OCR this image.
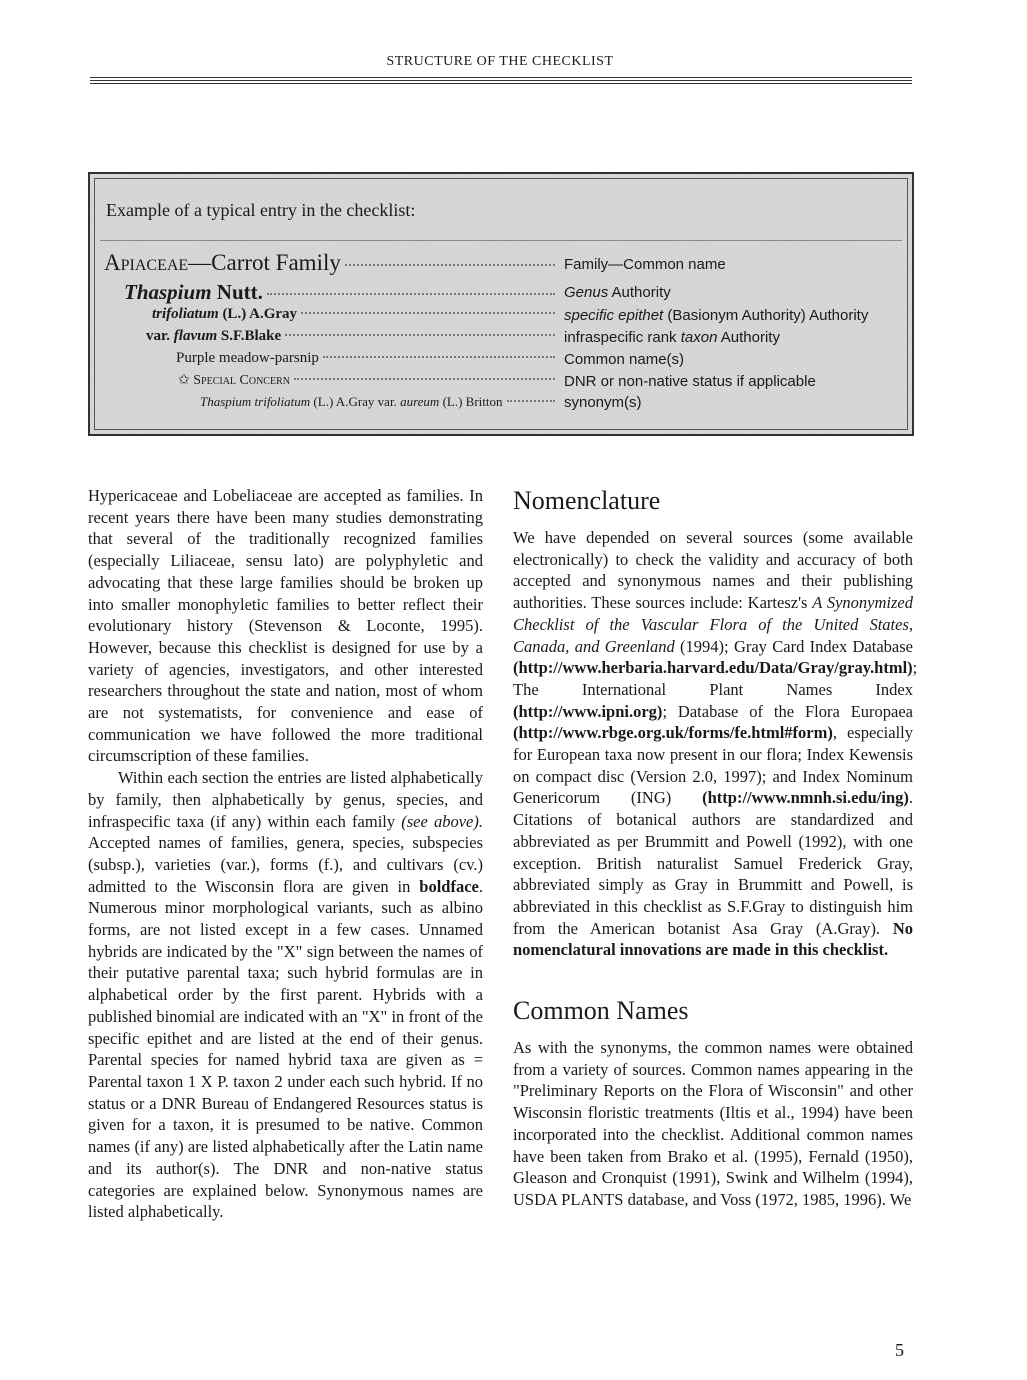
STRUCTURE OF THE CHECKLIST
Example of a typical entry in the checklist:
Apiaceae—Carrot Family	Family—Common name
Thaspium Nutt.	Genus Authority
trifoliatum (L.) A.Gray	specific epithet (Basionym Authority) Authority
var. flavum S.F.Blake	infraspecific rank taxon Authority
Purple meadow-parsnip	Common name(s)
✩ Special Concern	DNR or non-native status if applicable
Thaspium trifoliatum (L.) A.Gray var. aureum (L.) Britton	synonym(s)

Hypericaceae and Lobeliaceae are accepted as families. In recent years there have been many studies demonstrating that several of the traditionally recognized families (especially Liliaceae, sensu lato) are polyphyletic and advocating that these large families should be broken up into smaller monophyletic families to better reflect their evolutionary history (Stevenson & Loconte, 1995). However, because this checklist is designed for use by a variety of agencies, investigators, and other interested researchers throughout the state and nation, most of whom are not systematists, for convenience and ease of communication we have followed the more traditional circumscription of these families.

Within each section the entries are listed alphabetically by family, then alphabetically by genus, species, and infraspecific taxa (if any) within each family (see above). Accepted names of families, genera, species, subspecies (subsp.), varieties (var.), forms (f.), and cultivars (cv.) admitted to the Wisconsin flora are given in boldface. Numerous minor morphological variants, such as albino forms, are not listed except in a few cases. Unnamed hybrids are indicated by the "X" sign between the names of their putative parental taxa; such hybrid formulas are in alphabetical order by the first parent. Hybrids with a published binomial are indicated with an "X" in front of the specific epithet and are listed at the end of their genus. Parental species for named hybrid taxa are given as = Parental taxon 1 X P. taxon 2 under each such hybrid. If no status or a DNR Bureau of Endangered Resources status is given for a taxon, it is presumed to be native. Common names (if any) are listed alphabetically after the Latin name and its author(s). The DNR and non-native status categories are explained below. Synonymous names are listed alphabetically.

Nomenclature

We have depended on several sources (some available electronically) to check the validity and accuracy of both accepted and synonymous names and their publishing authorities. These sources include: Kartesz's A Synonymized Checklist of the Vascular Flora of the United States, Canada, and Greenland (1994); Gray Card Index Database (http://www.herbaria.harvard.edu/Data/Gray/gray.html); The International Plant Names Index (http://www.ipni.org); Database of the Flora Europaea (http://www.rbge.org.uk/forms/fe.html#form), especially for European taxa now present in our flora; Index Kewensis on compact disc (Version 2.0, 1997); and Index Nominum Genericorum (ING) (http://www.nmnh.si.edu/ing). Citations of botanical authors are standardized and abbreviated as per Brummitt and Powell (1992), with one exception. British naturalist Samuel Frederick Gray, abbreviated simply as Gray in Brummitt and Powell, is abbreviated in this checklist as S.F.Gray to distinguish him from the American botanist Asa Gray (A.Gray). No nomenclatural innovations are made in this checklist.

Common Names

As with the synonyms, the common names were obtained from a variety of sources. Common names appearing in the "Preliminary Reports on the Flora of Wisconsin" and other Wisconsin floristic treatments (Iltis et al., 1994) have been incorporated into the checklist. Additional common names have been taken from Brako et al. (1995), Fernald (1950), Gleason and Cronquist (1991), Swink and Wilhelm (1994), USDA PLANTS database, and Voss (1972, 1985, 1996). We

5
